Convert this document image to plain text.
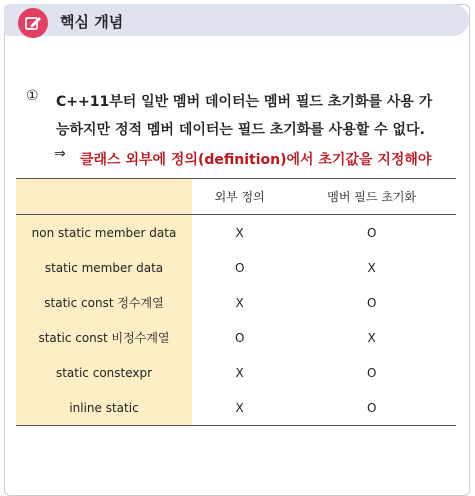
핵심 개념
① C++11부터 일반 멤버 데이터는 멤버 필드 초기화를 사용 가

능하지만 정적 멤버 데이터는 필드 초기화를 사용할 수 없다.

⇒ 클래스 외부에 정의(definition)에서 초기값을 지정해야

	외부 정의	멤버 필드 초기화
non static member data	X	O
static member data	O	X
static const 정수계열	X	O
static const 비정수계열	O	X
static constexpr	X	O
inline static	X	O
